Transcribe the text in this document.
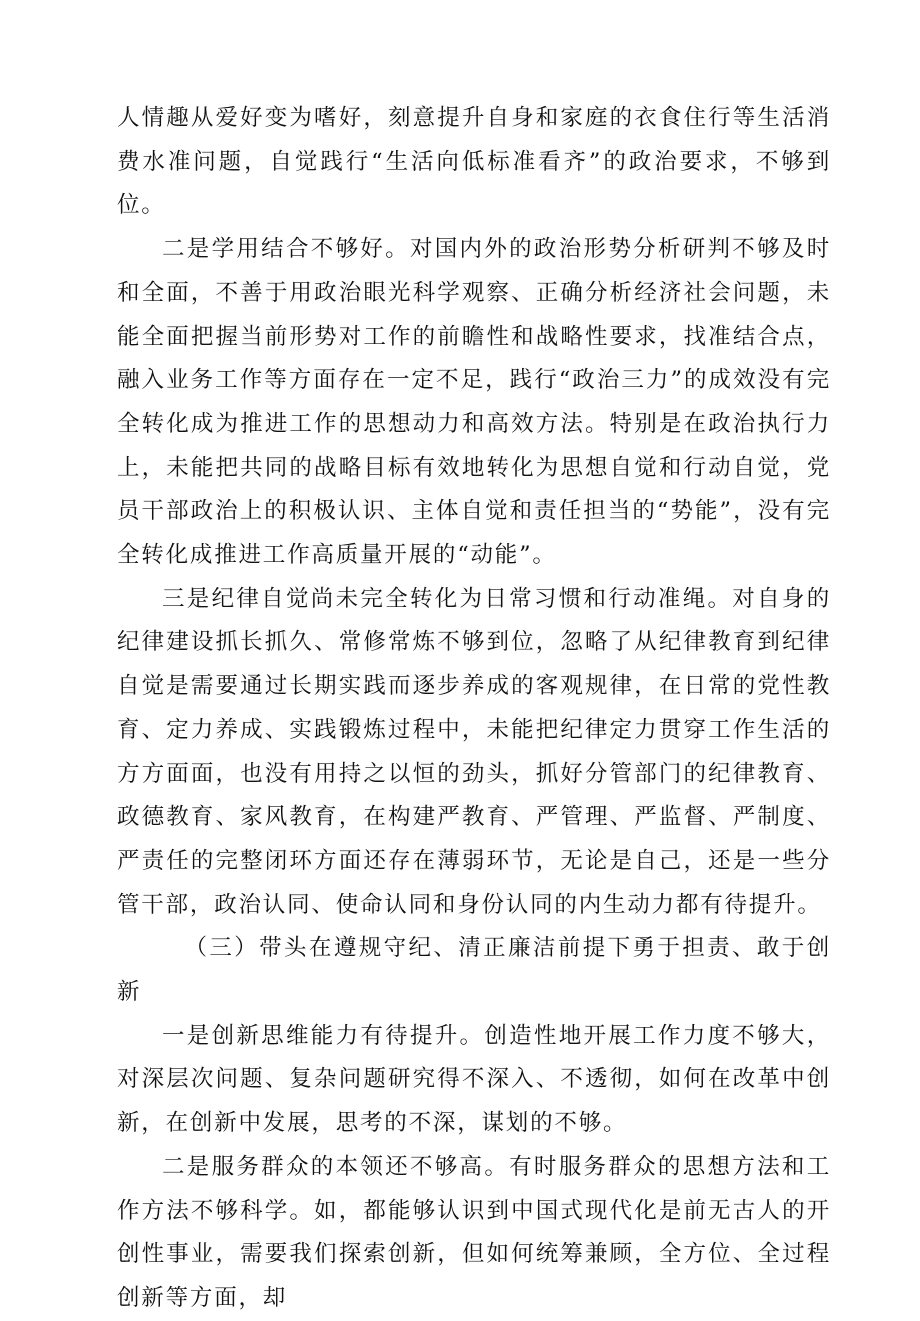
人情趣从爱好变为嗜好，刻意提升自身和家庭的衣食住行等生活消费水准问题，自觉践行“生活向低标准看齐”的政治要求，不够到位。

二是学用结合不够好。对国内外的政治形势分析研判不够及时和全面，不善于用政治眼光科学观察、正确分析经济社会问题，未能全面把握当前形势对工作的前瞻性和战略性要求，找准结合点，融入业务工作等方面存在一定不足，践行“政治三力”的成效没有完全转化成为推进工作的思想动力和高效方法。特别是在政治执行力上，未能把共同的战略目标有效地转化为思想自觉和行动自觉，党员干部政治上的积极认识、主体自觉和责任担当的“势能”，没有完全转化成推进工作高质量开展的“动能”。

三是纪律自觉尚未完全转化为日常习惯和行动准绳。对自身的纪律建设抓长抓久、常修常炼不够到位，忽略了从纪律教育到纪律自觉是需要通过长期实践而逐步养成的客观规律，在日常的党性教育、定力养成、实践锻炼过程中，未能把纪律定力贯穿工作生活的方方面面，也没有用持之以恒的劲头，抓好分管部门的纪律教育、政德教育、家风教育，在构建严教育、严管理、严监督、严制度、严责任的完整闭环方面还存在薄弱环节，无论是自己，还是一些分管干部，政治认同、使命认同和身份认同的内生动力都有待提升。

（三）带头在遵规守纪、清正廉洁前提下勇于担责、敢于创新

一是创新思维能力有待提升。创造性地开展工作力度不够大，对深层次问题、复杂问题研究得不深入、不透彻，如何在改革中创新，在创新中发展，思考的不深，谋划的不够。

二是服务群众的本领还不够高。有时服务群众的思想方法和工作方法不够科学。如，都能够认识到中国式现代化是前无古人的开创性事业，需要我们探索创新，但如何统筹兼顾，全方位、全过程创新等方面，却
